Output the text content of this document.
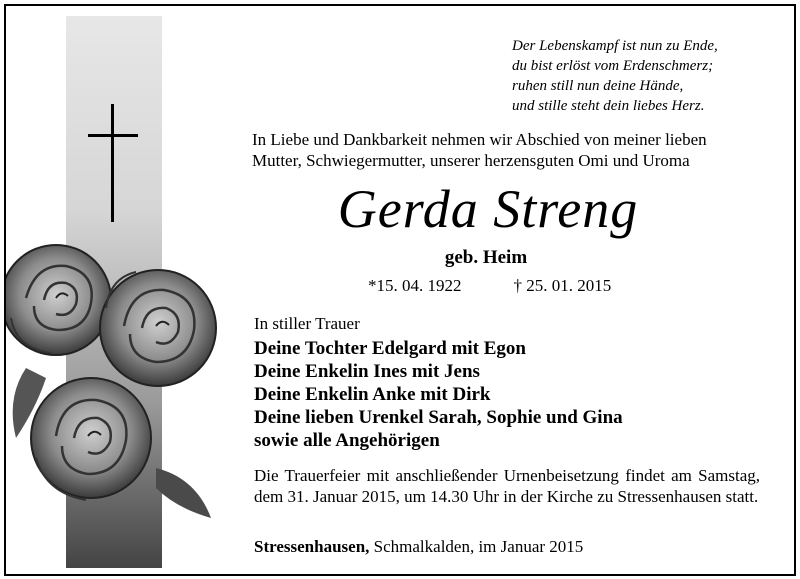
Der Lebenskampf ist nun zu Ende,
du bist erlöst vom Erdenschmerz;
ruhen still nun deine Hände,
und stille steht dein liebes Herz.
In Liebe und Dankbarkeit nehmen wir Abschied von meiner lieben
Mutter, Schwiegermutter, unserer herzensguten Omi und Uroma
Gerda Streng
geb. Heim
*15. 04. 1922	† 25. 01. 2015
In stiller Trauer
Deine Tochter Edelgard mit Egon
Deine Enkelin Ines mit Jens
Deine Enkelin Anke mit Dirk
Deine lieben Urenkel Sarah, Sophie und Gina
sowie alle Angehörigen
Die Trauerfeier mit anschließender Urnenbeisetzung findet am Samstag, dem 31. Januar 2015, um 14.30 Uhr in der Kirche zu Stressenhausen statt.
Stressenhausen, Schmalkalden, im Januar 2015
